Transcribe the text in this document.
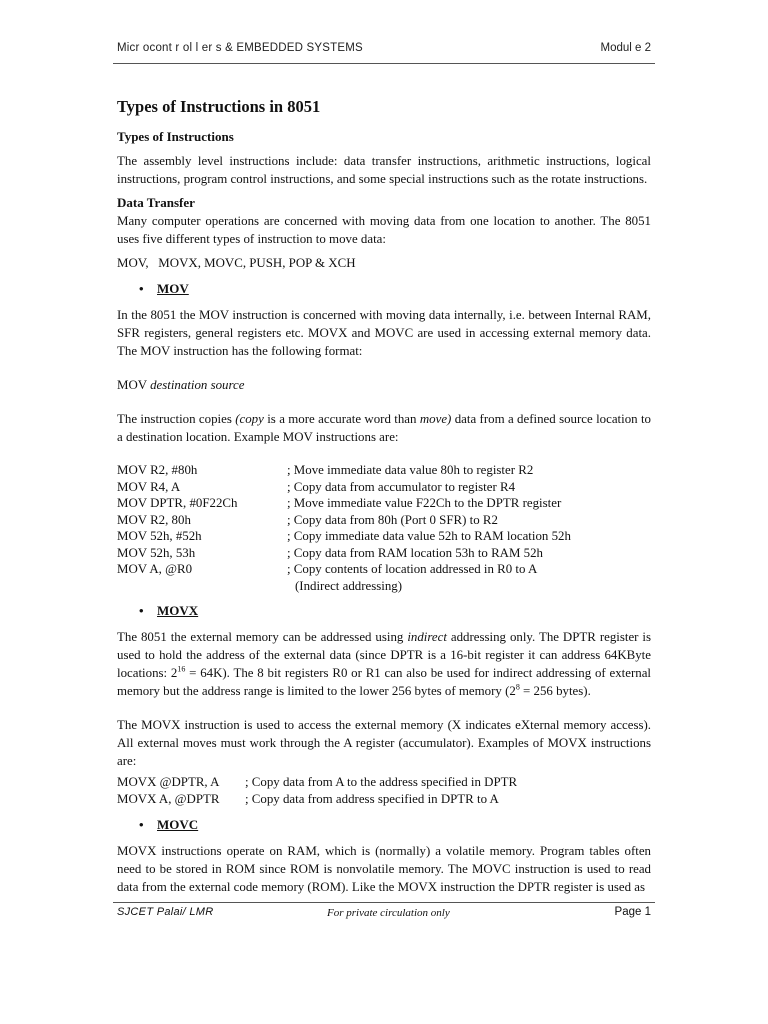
Micr ocont r ol l er s & EMBEDDED SYSTEMS	Modul e 2
Types of Instructions in 8051
Types of Instructions

The assembly level instructions include: data transfer instructions, arithmetic instructions, logical instructions, program control instructions, and some special instructions such as the rotate instructions.

Data Transfer

Many computer operations are concerned with moving data from one location to another. The 8051 uses five different types of instruction to move data:

MOV,   MOVX, MOVC, PUSH, POP & XCH

• MOV

In the 8051 the MOV instruction is concerned with moving data internally, i.e. between Internal RAM, SFR registers, general registers etc. MOVX and MOVC are used in accessing external memory data. The MOV instruction has the following format:

MOV destination source

The instruction copies (copy is a more accurate word than move) data from a defined source location to a destination location. Example MOV instructions are:

MOV R2, #80h	; Move immediate data value 80h to register R2
MOV R4, A	; Copy data from accumulator to register R4
MOV DPTR, #0F22Ch	; Move immediate value F22Ch to the DPTR register
MOV R2, 80h	; Copy data from 80h (Port 0 SFR) to R2
MOV 52h, #52h	; Copy immediate data value 52h to RAM location 52h
MOV 52h, 53h	; Copy data from RAM location 53h to RAM 52h
MOV A, @R0	; Copy contents of location addressed in R0 to A
(Indirect addressing)
• MOVX

The 8051 the external memory can be addressed using indirect addressing only. The DPTR register is used to hold the address of the external data (since DPTR is a 16-bit register it can address 64KByte locations: $2^{16} = 64K$). The 8 bit registers R0 or R1 can also be used for indirect addressing of external memory but the address range is limited to the lower 256 bytes of memory ($2^8 = 256$ bytes).

The MOVX instruction is used to access the external memory (X indicates eXternal memory access). All external moves must work through the A register (accumulator). Examples of MOVX instructions are:

MOVX @DPTR, A	; Copy data from A to the address specified in DPTR
MOVX A, @DPTR	; Copy data from address specified in DPTR to A
• MOVC

MOVX instructions operate on RAM, which is (normally) a volatile memory. Program tables often need to be stored in ROM since ROM is nonvolatile memory. The MOVC instruction is used to read data from the external code memory (ROM). Like the MOVX instruction the DPTR register is used as

SJCET Palai/ LMR	For private circulation only	Page 1
